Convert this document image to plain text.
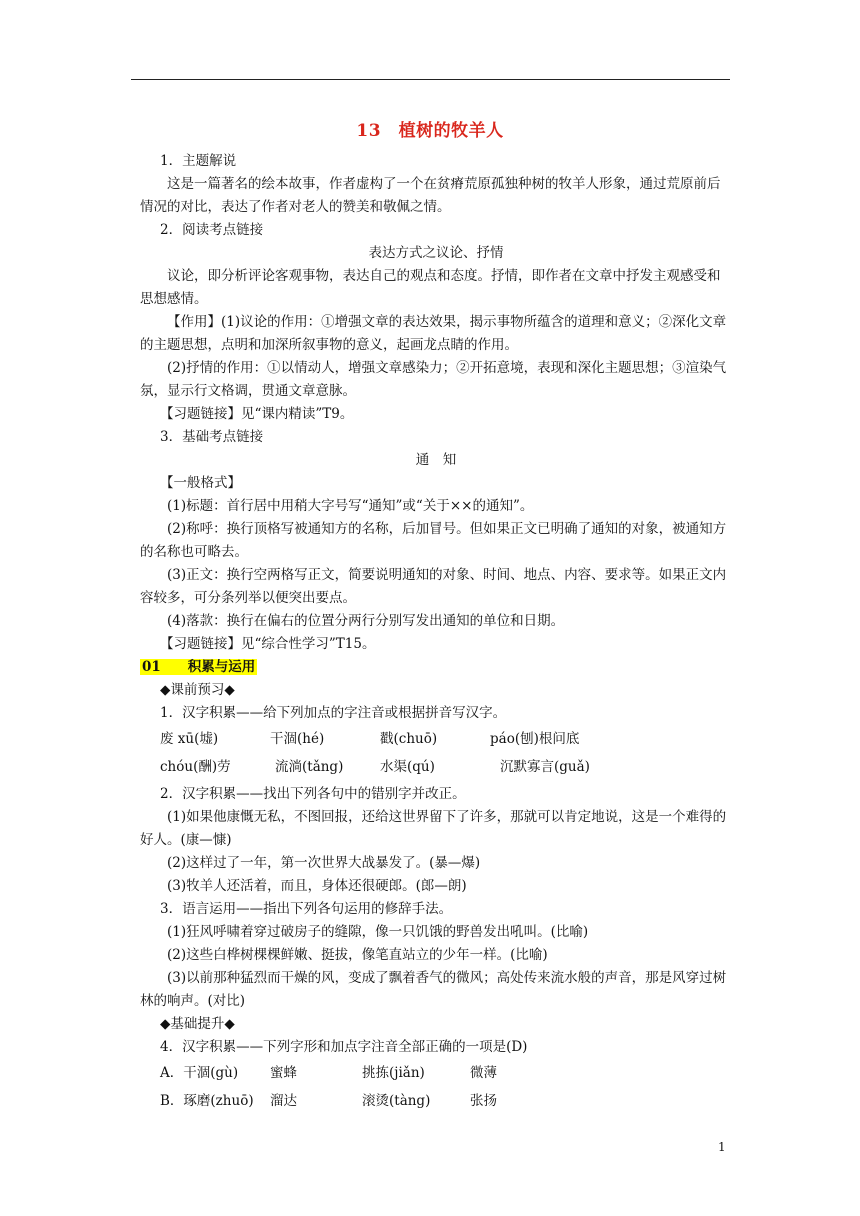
13　植树的牧羊人

1．主题解说

这是一篇著名的绘本故事，作者虚构了一个在贫瘠荒原孤独种树的牧羊人形象，通过荒原前后情况的对比，表达了作者对老人的赞美和敬佩之情。

2．阅读考点链接

表达方式之议论、抒情

议论，即分析评论客观事物，表达自己的观点和态度。抒情，即作者在文章中抒发主观感受和思想感情。

【作用】(1)议论的作用：①增强文章的表达效果，揭示事物所蕴含的道理和意义；②深化文章的主题思想，点明和加深所叙事物的意义，起画龙点睛的作用。

(2)抒情的作用：①以情动人，增强文章感染力；②开拓意境，表现和深化主题思想；③渲染气氛，显示行文格调，贯通文章意脉。

【习题链接】见“课内精读”T9。

3．基础考点链接

通　知

【一般格式】

(1)标题：首行居中用稍大字号写“通知”或“关于××的通知”。

(2)称呼：换行顶格写被通知方的名称，后加冒号。但如果正文已明确了通知的对象，被通知方的名称也可略去。

(3)正文：换行空两格写正文，简要说明通知的对象、时间、地点、内容、要求等。如果正文内容较多，可分条列举以便突出要点。

(4)落款：换行在偏右的位置分两行分别写发出通知的单位和日期。

【习题链接】见“综合性学习”T15。

01　　积累与运用

◆课前预习◆

1．汉字积累——给下列加点的字注音或根据拼音写汉字。

废 xū(墟)	干涸(hé)	戳(chuō)	páo(刨)根问底
chóu(酬)劳	流淌(tǎng)	水渠(qú)	沉默寡言(guǎ)

2．汉字积累——找出下列各句中的错别字并改正。

(1)如果他康慨无私，不图回报，还给这世界留下了许多，那就可以肯定地说，这是一个难得的好人。(康—慷)

(2)这样过了一年，第一次世界大战暴发了。(暴—爆)

(3)牧羊人还活着，而且，身体还很硬郎。(郎—朗)

3．语言运用——指出下列各句运用的修辞手法。

(1)狂风呼啸着穿过破房子的缝隙，像一只饥饿的野兽发出吼叫。(比喻)

(2)这些白桦树棵棵鲜嫩、挺拔，像笔直站立的少年一样。(比喻)

(3)以前那种猛烈而干燥的风，变成了飘着香气的微风；高处传来流水般的声音，那是风穿过树林的响声。(对比)

◆基础提升◆

4．汉字积累——下列字形和加点字注音全部正确的一项是(D)

A．干涸(gù)	蜜蜂	挑拣(jiǎn)	微薄
B．琢磨(zhuō)	溜达	滚烫(tàng)	张扬
1
